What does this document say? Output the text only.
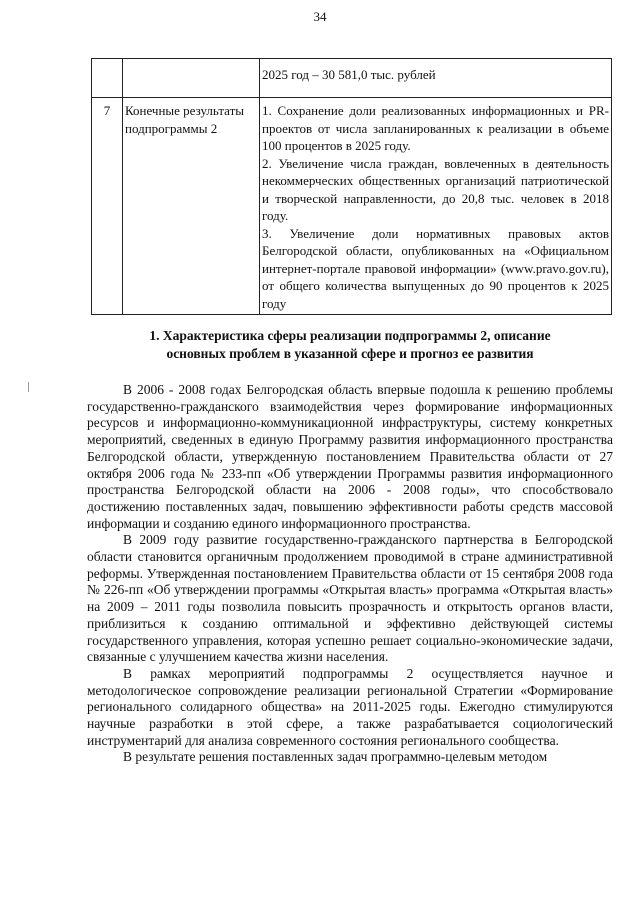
34
		2025 год – 30 581,0 тыс. рублей
7	Конечные результаты подпрограммы 2	1. Сохранение доли реализованных информационных и PR-проектов от числа запланированных к реализации в объеме 100 процентов в 2025 году.
2. Увеличение числа граждан, вовлеченных в деятельность некоммерческих общественных организаций патриотической и творческой направленности, до 20,8 тыс. человек в 2018 году.
3. Увеличение доли нормативных правовых актов Белгородской области, опубликованных на «Официальном интернет-портале правовой информации» (www.pravo.gov.ru), от общего количества выпущенных до 90 процентов к 2025 году
1. Характеристика сферы реализации подпрограммы 2, описание
основных проблем в указанной сфере и прогноз ее развития

В 2006 - 2008 годах Белгородская область впервые подошла к решению проблемы государственно-гражданского взаимодействия через формирование информационных ресурсов и информационно-коммуникационной инфраструктуры, систему конкретных мероприятий, сведенных в единую Программу развития информационного пространства Белгородской области, утвержденную постановлением Правительства области от 27 октября 2006 года № 233-пп «Об утверждении Программы развития информационного пространства Белгородской области на 2006 - 2008 годы», что способствовало достижению поставленных задач, повышению эффективности работы средств массовой информации и созданию единого информационного пространства.

В 2009 году развитие государственно-гражданского партнерства в Белгородской области становится органичным продолжением проводимой в стране административной реформы. Утвержденная постановлением Правительства области от 15 сентября 2008 года № 226-пп «Об утверждении программы «Открытая власть» программа «Открытая власть» на 2009 – 2011 годы позволила повысить прозрачность и открытость органов власти, приблизиться к созданию оптимальной и эффективно действующей системы государственного управления, которая успешно решает социально-экономические задачи, связанные с улучшением качества жизни населения.

В рамках мероприятий подпрограммы 2 осуществляется научное и методологическое сопровождение реализации региональной Стратегии «Формирование регионального солидарного общества» на 2011-2025 годы. Ежегодно стимулируются научные разработки в этой сфере, а также разрабатывается социологический инструментарий для анализа современного состояния регионального сообщества.

В результате решения поставленных задач программно-целевым методом
